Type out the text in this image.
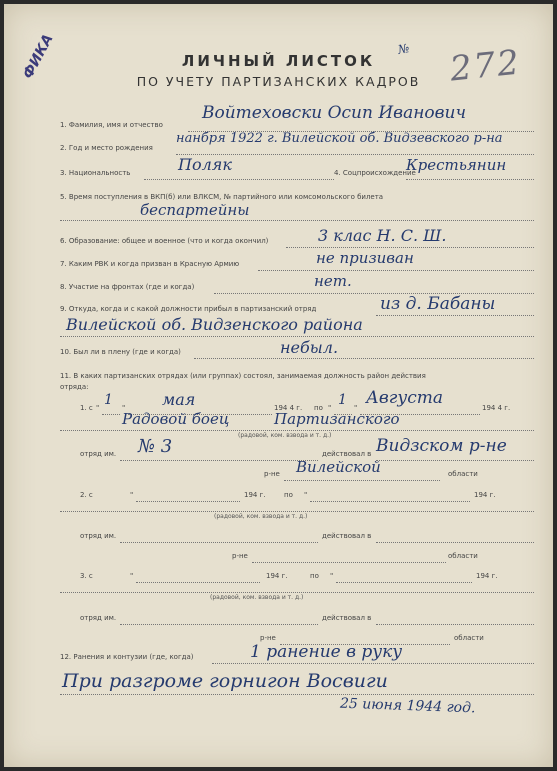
ФИКА	ЛИЧНЫЙ ЛИСТОК
ПО УЧЕТУ ПАРТИЗАНСКИХ КАДРОВ
№ 272
1. Фамилия, имя и отчество
Войтеховски Осип Иванович
2. Год и место рождения
нанбря 1922 г. Вилейской об. Видзевского р-на
3. Национальность	Поляк	4. Соцпроисхождение
Крестьянин
5. Время поступления в ВКП(б) или ВЛКСМ, № партийного или комсомольского билета
беспартейны
6. Образование: общее и военное (что и когда окончил)	3 клас Н. С. Ш.
7. Каким РВК и когда призван в Красную Армию	не призиван
8. Участие на фронтах (где и когда)	нет.
9. Откуда, когда и с какой должности прибыл в партизанский отряд	из д. Бабаны
Вилейской об. Видзенского района
10. Был ли в плену (где и когда)	небыл.
11. В каких партизанских отрядах (или группах) состоял, занимаемая должность район действия
отряда:
1. с " 1 " мая	194 4 г. по " 1 " Августа	194 4 г.
Радовой боец	Партизанского
(радовой, ком. взвода и т. д.)
отряд им. № 3	действовал в Видзском р-не
р-не Вилейской	области
2. с	"	194 г.	по "	194 г.
(радовой, ком. взвода и т. д.)
отряд им.	действовал в
р-не	области
3. с	"	194 г.	по "	194 г.
(радовой, ком. взвода и т. д.)
отряд им.	действовал в
р-не	области
12. Ранения и контузии (где, когда)	1 ранение в руку
При разгроме горнигон Восвиги
25 июня 1944 год.
